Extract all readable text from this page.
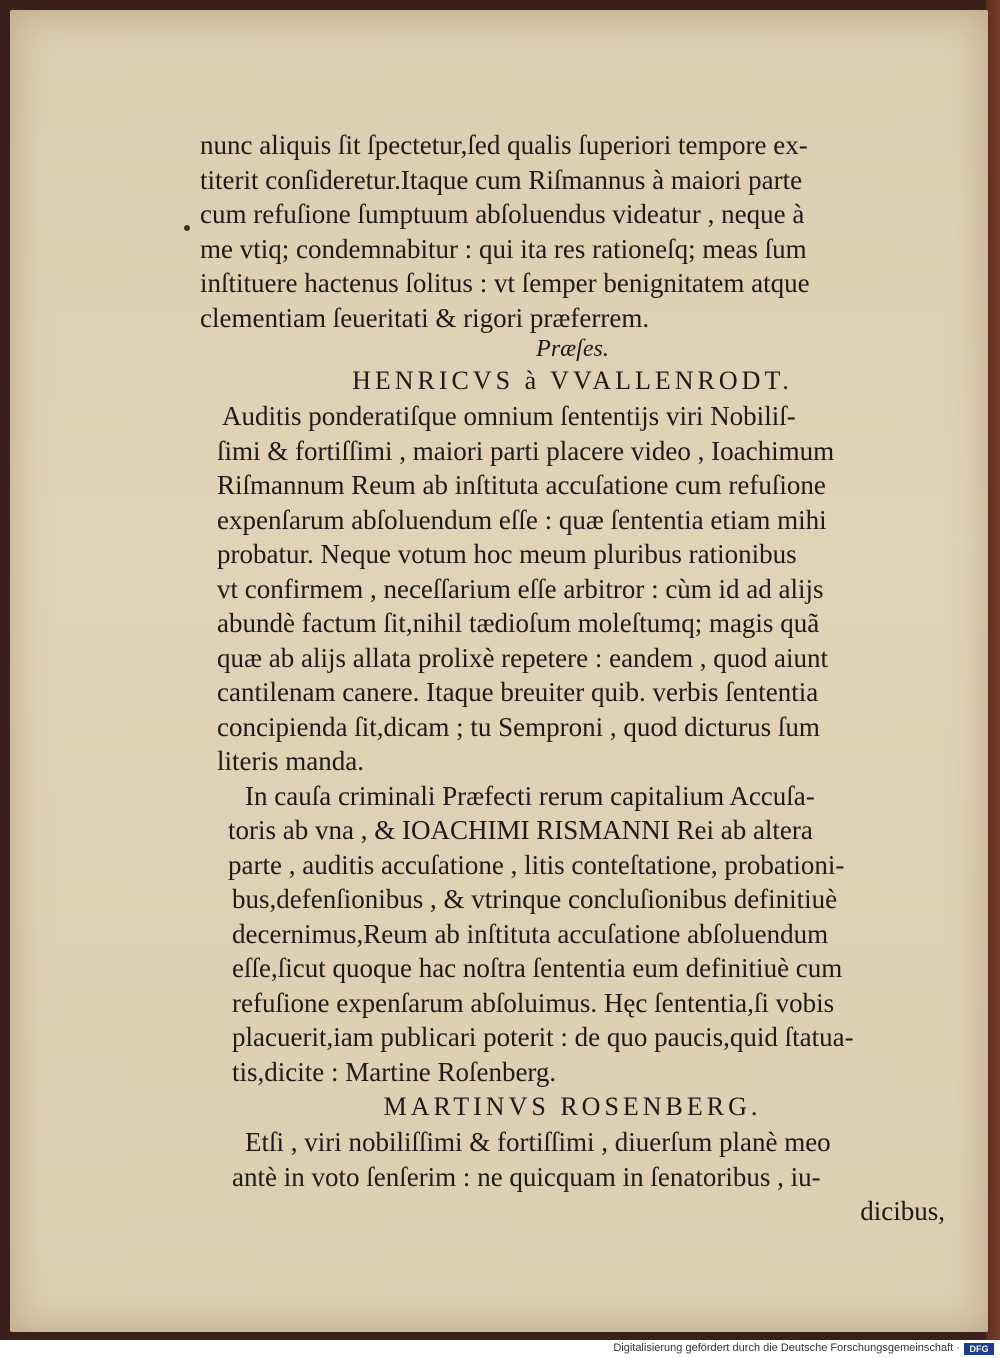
nunc aliquis ſit ſpectetur,ſed qualis ſuperiori tempore ex-
titerit conſideretur.Itaque cum Riſmannus à maiori parte
cum refuſione ſumptuum abſoluendus videatur , neque à
me vtiq; condemnabitur : qui ita res rationeſq; meas ſum
inſtituere hactenus ſolitus : vt ſemper benignitatem atque
clementiam ſeueritati & rigori præferrem.
Præſes.
HENRICVS à VVALLENRODT.
Auditis ponderatiſque omnium ſententijs viri Nobiliſ-
ſimi & fortiſſimi , maiori parti placere video , Ioachimum
Riſmannum Reum ab inſtituta accuſatione cum refuſione
expenſarum abſoluendum eſſe : quæ ſententia etiam mihi
probatur. Neque votum hoc meum pluribus rationibus
vt confirmem , neceſſarium eſſe arbitror : cùm id ad alijs
abundè factum ſit,nihil tædioſum moleſtumq; magis quã
quæ ab alijs allata prolixè repetere : eandem , quod aiunt
cantilenam canere. Itaque breuiter quib. verbis ſententia
concipienda ſit,dicam ; tu Semproni , quod dicturus ſum
literis manda.
In cauſa criminali Præfecti rerum capitalium Accuſa-
toris ab vna , & IOACHIMI RISMANNI Rei ab altera
parte , auditis accuſatione , litis conteſtatione, probationi-
bus,defenſionibus , & vtrinque concluſionibus definitiuè
decernimus,Reum ab inſtituta accuſatione abſoluendum
eſſe,ſicut quoque hac noſtra ſententia eum definitiuè cum
refuſione expenſarum abſoluimus. Hęc ſententia,ſi vobis
placuerit,iam publicari poterit : de quo paucis,quid ſtatua-
tis,dicite : Martine Roſenberg.
MARTINVS ROSENBERG.
Etſi , viri nobiliſſimi & fortiſſimi , diuerſum planè meo
antè in voto ſenſerim : ne quicquam in ſenatoribus , iu-
dicibus,
Digitalisierung gefördert durch die Deutsche Forschungsgemeinschaft ·	DFG
